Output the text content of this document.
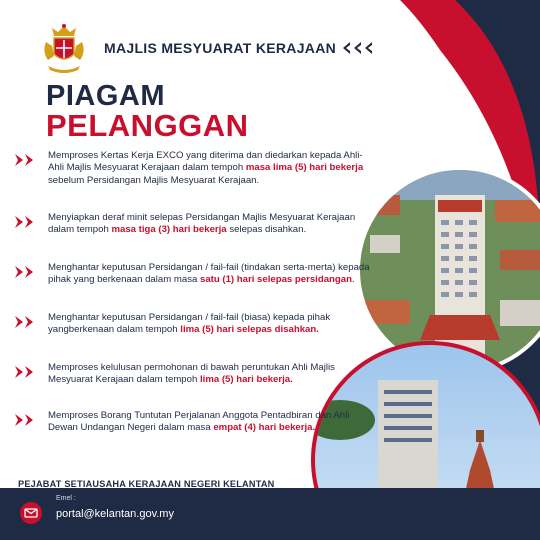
MAJLIS MESYUARAT KERAJAAN
PIAGAM
PELANGGAN

Memproses Kertas Kerja EXCO yang diterima dan diedarkan kepada Ahli-Ahli Majlis Mesyuarat Kerajaan dalam tempoh masa lima (5) hari bekerja sebelum Persidangan Majlis Mesyuarat Kerajaan.

Menyiapkan deraf minit selepas Persidangan Majlis Mesyuarat Kerajaan dalam tempoh masa tiga (3) hari bekerja selepas disahkan.

Menghantar keputusan Persidangan / fail-fail (tindakan serta-merta) kepada pihak yang berkenaan dalam masa satu (1) hari selepas persidangan.

Menghantar keputusan Persidangan / fail-fail (biasa) kepada pihak yangberkenaan dalam tempoh lima (5) hari selepas disahkan.

Memproses kelulusan permohonan di bawah peruntukan Ahli Majlis Mesyuarat Kerajaan dalam tempoh lima (5) hari bekerja.

Memproses Borang Tuntutan Perjalanan Anggota Pentadbiran dan Ahli Dewan Undangan Negeri dalam masa empat (4) hari bekerja.

PEJABAT SETIAUSAHA KERAJAAN NEGERI KELANTAN
Emel :
portal@kelantan.gov.my
